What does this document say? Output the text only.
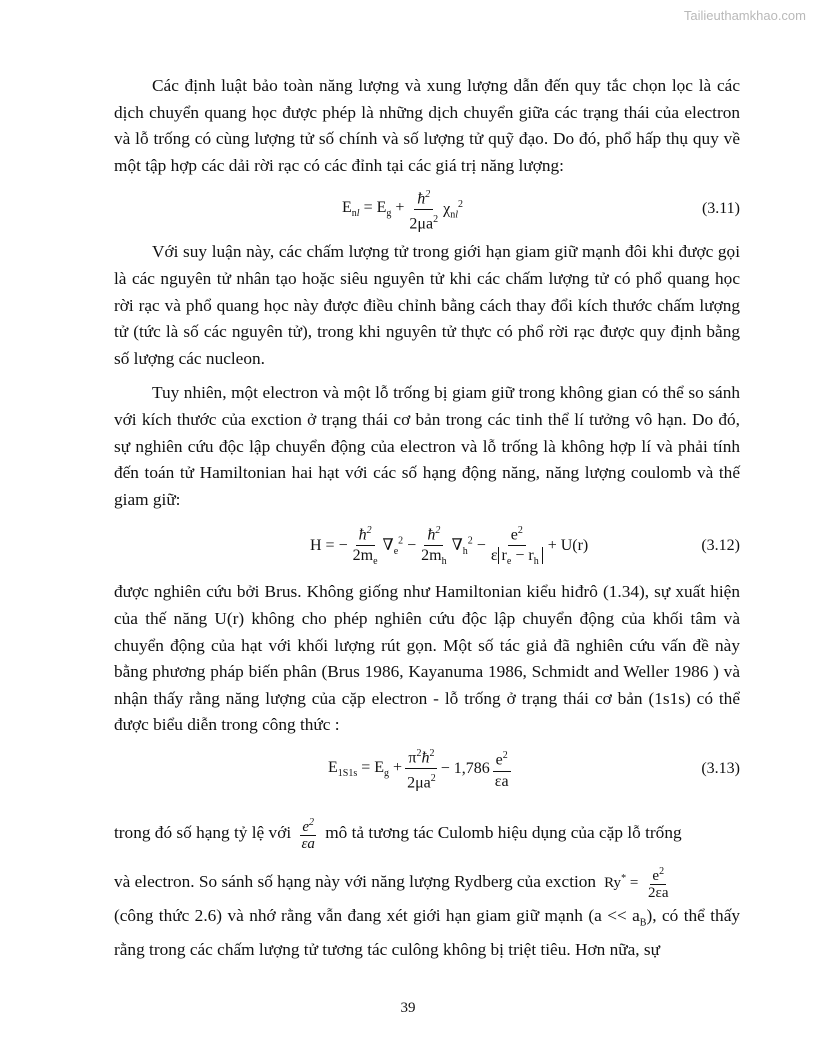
Tailieuthamkhao.com

Các định luật bảo toàn năng lượng và xung lượng dẫn đến quy tắc chọn lọc là các dịch chuyển quang học được phép là những dịch chuyển giữa các trạng thái của electron và lỗ trống có cùng lượng tử số chính và số lượng tử quỹ đạo. Do đó, phổ hấp thụ quy về một tập hợp các dải rời rạc có các đỉnh tại các giá trị năng lượng:

$E_{nl} = E_g + \frac{ħ^2}{2\mu a^2} \chi_{nl}^2$	(3.11)

Với suy luận này, các chấm lượng tử trong giới hạn giam giữ mạnh đôi khi được gọi là các nguyên tử nhân tạo hoặc siêu nguyên tử khi các chấm lượng tử có phổ quang học rời rạc và phổ quang học này được điều chỉnh bằng cách thay đổi kích thước chấm lượng tử (tức là số các nguyên tử), trong khi nguyên tử thực có phổ rời rạc được quy định bằng số lượng các nucleon.

Tuy nhiên, một electron và một lỗ trống bị giam giữ trong không gian có thể so sánh với kích thước của exction ở trạng thái cơ bản trong các tinh thể lí tưởng vô hạn. Do đó, sự nghiên cứu độc lập chuyển động của electron và lỗ trống là không hợp lí và phải tính đến toán tử Hamiltonian hai hạt với các số hạng động năng, năng lượng coulomb và thế giam giữ:

H = − $\frac{ħ^2}{2m_e} \nabla_e^2 - \frac{ħ^2}{2m_h} \nabla_h^2 - \frac{e^2}{\varepsilon r_e - r_h} + U(r)$	(3.12)

được nghiên cứu bởi Brus. Không giống như Hamiltonian kiểu hiđrô (1.34), sự xuất hiện của thế năng U(r) không cho phép nghiên cứu độc lập chuyển động của khối tâm và chuyển động của hạt với khối lượng rút gọn. Một số tác giả đã nghiên cứu vấn đề này bằng phương pháp biến phân (Brus 1986, Kayanuma 1986, Schmidt and Weller 1986 ) và nhận thấy rằng năng lượng của cặp electron - lỗ trống ở trạng thái cơ bản (1s1s) có thể được biểu diễn trong công thức :

$E_{1S1s} = E_g + \frac{\pi^2ħ^2}{2\mu a^2} - 1,786 \frac{e^2}{\varepsilon a}$	(3.13)

trong đó số hạng tỷ lệ với $\frac{e^2}{\varepsilon a}$ mô tả tương tác Culomb hiệu dụng của cặp lỗ trống

và electron. So sánh số hạng này với năng lượng Rydberg của exction  $Ry^* = \frac{e^2}{2\varepsilon a}$

(công thức 2.6) và nhớ rằng vẫn đang xét giới hạn giam giữ mạnh $(a << a_B)$, có thể thấy rằng trong các chấm lượng tử tương tác culông không bị triệt tiêu. Hơn nữa, sự

39
